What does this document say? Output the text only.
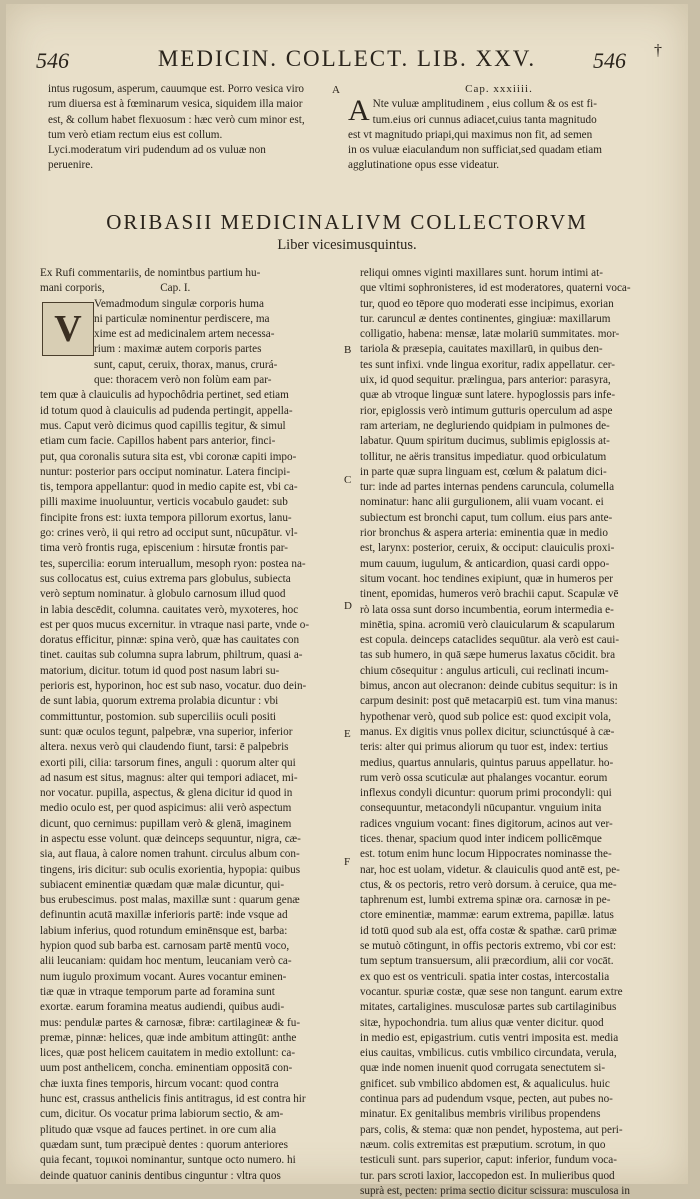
546	MEDICIN. COLLECT. LIB. XXV.	546 †
intus rugosum, asperum, cauumque est. Porro vesica viro
rum diuersa est à fœminarum vesica, siquidem illa maior
est, & collum habet flexuosum : hæc verò cum minor est,
tum verò etiam rectum eius est collum.
Lyci.moderatum viri pudendum ad os vuluæ non
peruenire.
A	Cap. xxxiiii.
A Nte vuluæ amplitudinem , eius collum & os est fi-
tum.eius ori cunnus adiacet,cuius tanta magnitudo
est vt magnitudo priapi,qui maximus non fit, ad semen
in os vuluæ eiaculandum non sufficiat,sed quadam etiam
agglutinatione opus esse videatur.
ORIBASII MEDICINALIVM COLLECTORVM
Liber vicesimusquintus.
Ex Rufi commentariis, de nomintbus partium hu-
mani corporis,	Cap. I.
Vemadmodum singulæ corporis huma
ni particulæ nominentur perdiscere, ma
xime est ad medicinalem artem necessa-
rium : maximæ autem corporis partes
sunt, caput, ceruix, thorax, manus, crurá-
que: thoracem verò non folùm eam par-
tem quæ à clauiculis ad hypochôdria pertinet, sed etiam
id totum quod à clauiculis ad pudenda pertingit, appella-
mus. Caput verò dicimus quod capillis tegitur, & simul
etiam cum facie. Capillos habent pars anterior, finci-
put, qua coronalis sutura sita est, vbi coronæ capiti impo-
nuntur: posterior pars occiput nominatur. Latera fincipi-
tis, tempora appellantur: quod in medio capite est, vbi ca-
pilli maxime inuoluuntur, verticis vocabulo gaudet: sub
fincipite frons est: iuxta tempora pillorum exortus, lanu-
go: crines verò, ii qui retro ad occiput sunt, nūcupātur. vl-
tima verò frontis ruga, episcenium : hirsutæ frontis par-
tes, supercilia: eorum interuallum, mesoph ryon: postea na-
sus collocatus est, cuius extrema pars globulus, subiecta
verò septum nominatur. à globulo carnosum illud quod
in labia descēdit, columna. cauitates verò, myxoteres, hoc
est per quos mucus excernitur. in vtraque nasi parte, vnde o-
doratus efficitur, pinnæ: spina verò, quæ has cauitates con
tinet. cauitas sub columna supra labrum, philtrum, quasi a-
matorium, dicitur. totum id quod post nasum labri su-
perioris est, hyporinon, hoc est sub naso, vocatur. duo dein-
de sunt labia, quorum extrema prolabia dicuntur : vbi
committuntur, postomion. sub superciliis oculi positi
sunt: quæ oculos tegunt, palpebræ, vna superior, inferior
altera. nexus verò qui claudendo fiunt, tarsi: ē palpebris
exorti pili, cilia: tarsorum fines, anguli : quorum alter qui
ad nasum est situs, magnus: alter qui tempori adiacet, mi-
nor vocatur. pupilla, aspectus, & glena dicitur id quod in
medio oculo est, per quod aspicimus: alii verò aspectum
dicunt, quo cernimus: pupillam verò & glenā, imaginem
in aspectu esse volunt. quæ deinceps sequuntur, nigra, cæ-
sia, aut flaua, à calore nomen trahunt. circulus album con-
tingens, iris dicitur: sub oculis exorientia, hypopia: quibus
subiacent eminentiæ quædam quæ malæ dicuntur, qui-
bus erubescimus. post malas, maxillæ sunt : quarum genæ
definuntin acutā maxillæ inferioris partē: inde vsque ad
labium inferius, quod rotundum eminēnsque est, barba:
hypion quod sub barba est. carnosam partē mentū voco,
alii leucaniam: quidam hoc mentum, leucaniam verò ca-
num iugulo proximum vocant. Aures vocantur eminen-
tiæ quæ in vtraque temporum parte ad foramina sunt
exortæ. earum foramina meatus audiendi, quibus audi-
mus: pendulæ partes & carnosæ, fibræ: cartilagineæ & fu-
premæ, pinnæ: helices, quæ inde ambitum attingūt: anthe
lices, quæ post helicem cauitatem in medio extollunt: ca-
uum post anthelicem, concha. eminentiam oppositā con-
chæ iuxta fines temporis, hircum vocant: quod contra
hunc est, crassus anthelicis finis antitragus, id est contra hir
cum, dicitur. Os vocatur prima labiorum sectio, & am-
plitudo quæ vsque ad fauces pertinet. in ore cum alia
quædam sunt, tum præcipuè dentes : quorum anteriores
quia fecant, τομικοὶ nominantur, suntque octo numero. hi
deinde quatuor caninis dentibus cinguntur : vltra quos
V	B
C
D
E
F
reliqui omnes viginti maxillares sunt. horum intimi at-
que vltimi sophronisteres, id est moderatores, quaterni voca-
tur, quod eo tēpore quo moderati esse incipimus, exorian
tur. caruncul æ dentes continentes, gingiuæ: maxillarum
colligatio, habena: mensæ, latæ molariū summitates. mor-
tariola & præsepia, cauitates maxillarū, in quibus den-
tes sunt infixi. vnde lingua exoritur, radix appellatur. cer-
uix, id quod sequitur. prælingua, pars anterior: parasyra,
quæ ab vtroque linguæ sunt latere. hypoglossis pars infe-
rior, epiglossis verò intimum gutturis operculum ad aspe
ram arteriam, ne degluriendo quidpiam in pulmones de-
labatur. Quum spiritum ducimus, sublimis epiglossis at-
tollitur, ne aëris transitus impediatur. quod orbiculatum
in parte quæ supra linguam est, cœlum & palatum dici-
tur: inde ad partes internas pendens caruncula, columella
nominatur: hanc alii gurgulionem, alii vuam vocant. ei
subiectum est bronchi caput, tum collum. eius pars ante-
rior bronchus & aspera arteria: eminentia quæ in medio
est, larynx: posterior, ceruix, & occiput: clauiculis proxi-
mum cauum, iugulum, & anticardion, quasi cardi oppo-
situm vocant. hoc tendines exipiunt, quæ in humeros per
tinent, epomidas, humeros verò brachii caput. Scapulæ vē
rò lata ossa sunt dorso incumbentia, eorum intermedia e-
minētia, spina. acromiū verò clauicularum & scapularum
est copula. deinceps cataclides sequūtur. ala verò est caui-
tas sub humero, in quā sæpe humerus laxatus cōcidit. bra
chium cōsequitur : angulus articuli, cui reclinati incum-
bimus, ancon aut olecranon: deinde cubitus sequitur: is in
carpum desinit: post quē metacarpiū est. tum vina manus:
hypothenar verò, quod sub police est: quod excipit vola,
manus. Ex digitis vnus pollex dicitur, sciunctúsqué à cæ-
teris: alter qui primus aliorum qu tuor est, index: tertius
medius, quartus annularis, quintus paruus appellatur. ho-
rum verò ossa scuticulæ aut phalanges vocantur. eorum
inflexus condyli dicuntur: quorum primi procondyli: qui
consequuntur, metacondyli nūcupantur. vnguium inita
radices vnguium vocant: fines digitorum, acinos aut ver-
tices. thenar, spacium quod inter indicem pollicēmque
est. totum enim hunc locum Hippocrates nominasse the-
nar, hoc est uolam, videtur. & clauiculis quod antē est, pe-
ctus, & os pectoris, retro verò dorsum. à ceruice, qua me-
taphrenum est, lumbi extrema spinæ ora. carnosæ in pe-
ctore eminentiæ, mammæ: earum extrema, papillæ. latus
id totū quod sub ala est, offa costæ & spathæ. carū primæ
se mutuò cōtingunt, in offis pectoris extremo, vbi cor est:
tum septum transuersum, alii præcordium, alii cor vocāt.
ex quo est os ventriculi. spatia inter costas, intercostalia
vocantur. spuriæ costæ, quæ sese non tangunt. earum extre
mitates, cartaligines. musculosæ partes sub cartilaginibus
sitæ, hypochondria. tum alius quæ venter dicitur. quod
in medio est, epigastrium. cutis ventri imposita est. media
eius cauitas, vmbilicus. cutis vmbilico circundata, verula,
quæ inde nomen inuenit quod corrugata senectutem si-
gnificet. sub vmbilico abdomen est, & aqualiculus. huic
continua pars ad pudendum vsque, pecten, aut pubes no-
minatur. Ex genitalibus membris virilibus propendens
pars, colis, & stema: quæ non pendet, hypostema, aut peri-
næum. colis extremitas est præputium. scrotum, in quo
testiculi sunt. pars superior, caput: inferior, fundum voca-
tur. pars scroti laxior, laccopedon est. In mulieribus quod
suprà est, pecten: prima sectio dicitur scissura: musculosa in
